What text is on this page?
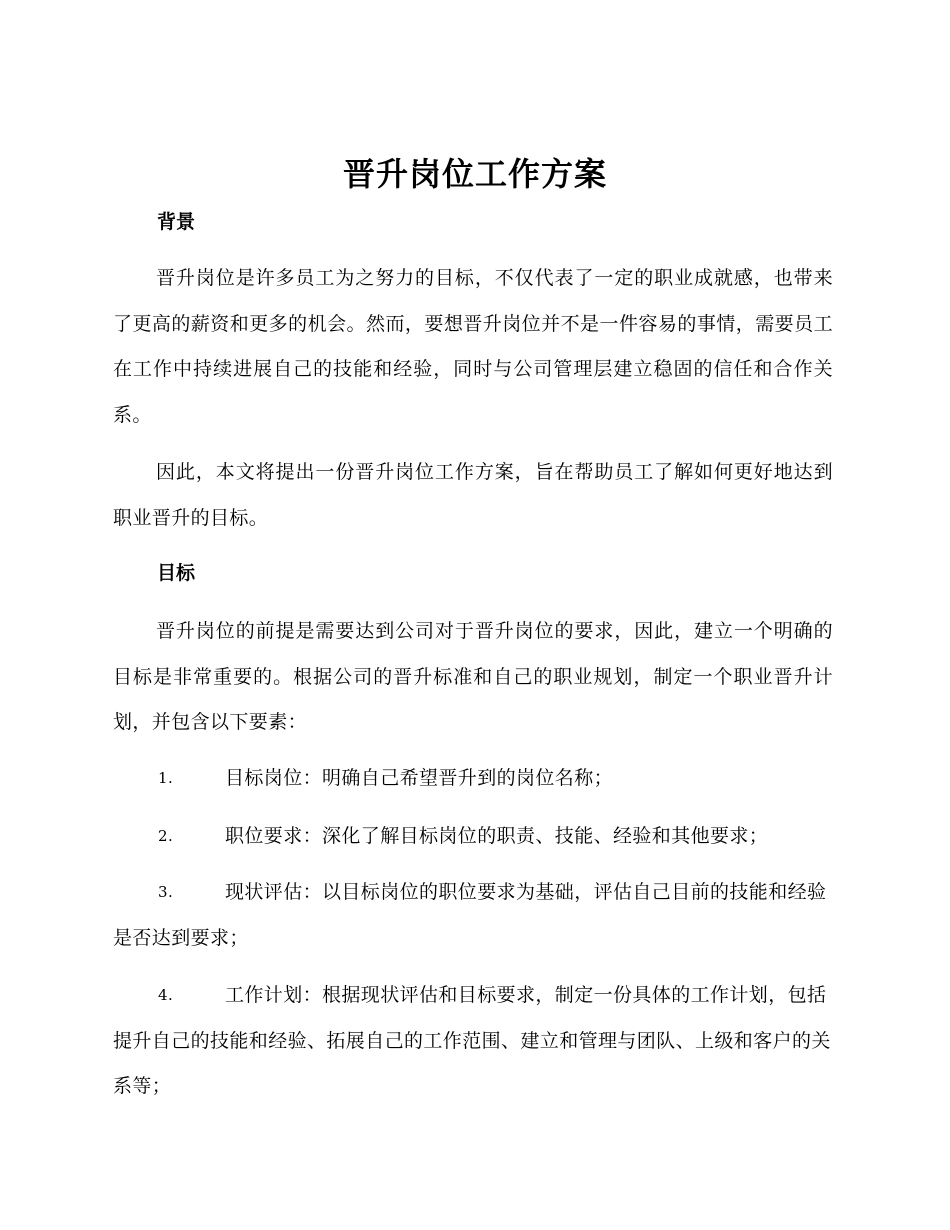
晋升岗位工作方案
背景

晋升岗位是许多员工为之努力的目标，不仅代表了一定的职业成就感，也带来了更高的薪资和更多的机会。然而，要想晋升岗位并不是一件容易的事情，需要员工在工作中持续进展自己的技能和经验，同时与公司管理层建立稳固的信任和合作关系。

因此，本文将提出一份晋升岗位工作方案，旨在帮助员工了解如何更好地达到职业晋升的目标。

目标

晋升岗位的前提是需要达到公司对于晋升岗位的要求，因此，建立一个明确的目标是非常重要的。根据公司的晋升标准和自己的职业规划，制定一个职业晋升计划，并包含以下要素：

1.	目标岗位：明确自己希望晋升到的岗位名称；
2.	职位要求：深化了解目标岗位的职责、技能、经验和其他要求；
3.	现状评估：以目标岗位的职位要求为基础，评估自己目前的技能和经验是否达到要求；
4.	工作计划：根据现状评估和目标要求，制定一份具体的工作计划，包括提升自己的技能和经验、拓展自己的工作范围、建立和管理与团队、上级和客户的关系等；
